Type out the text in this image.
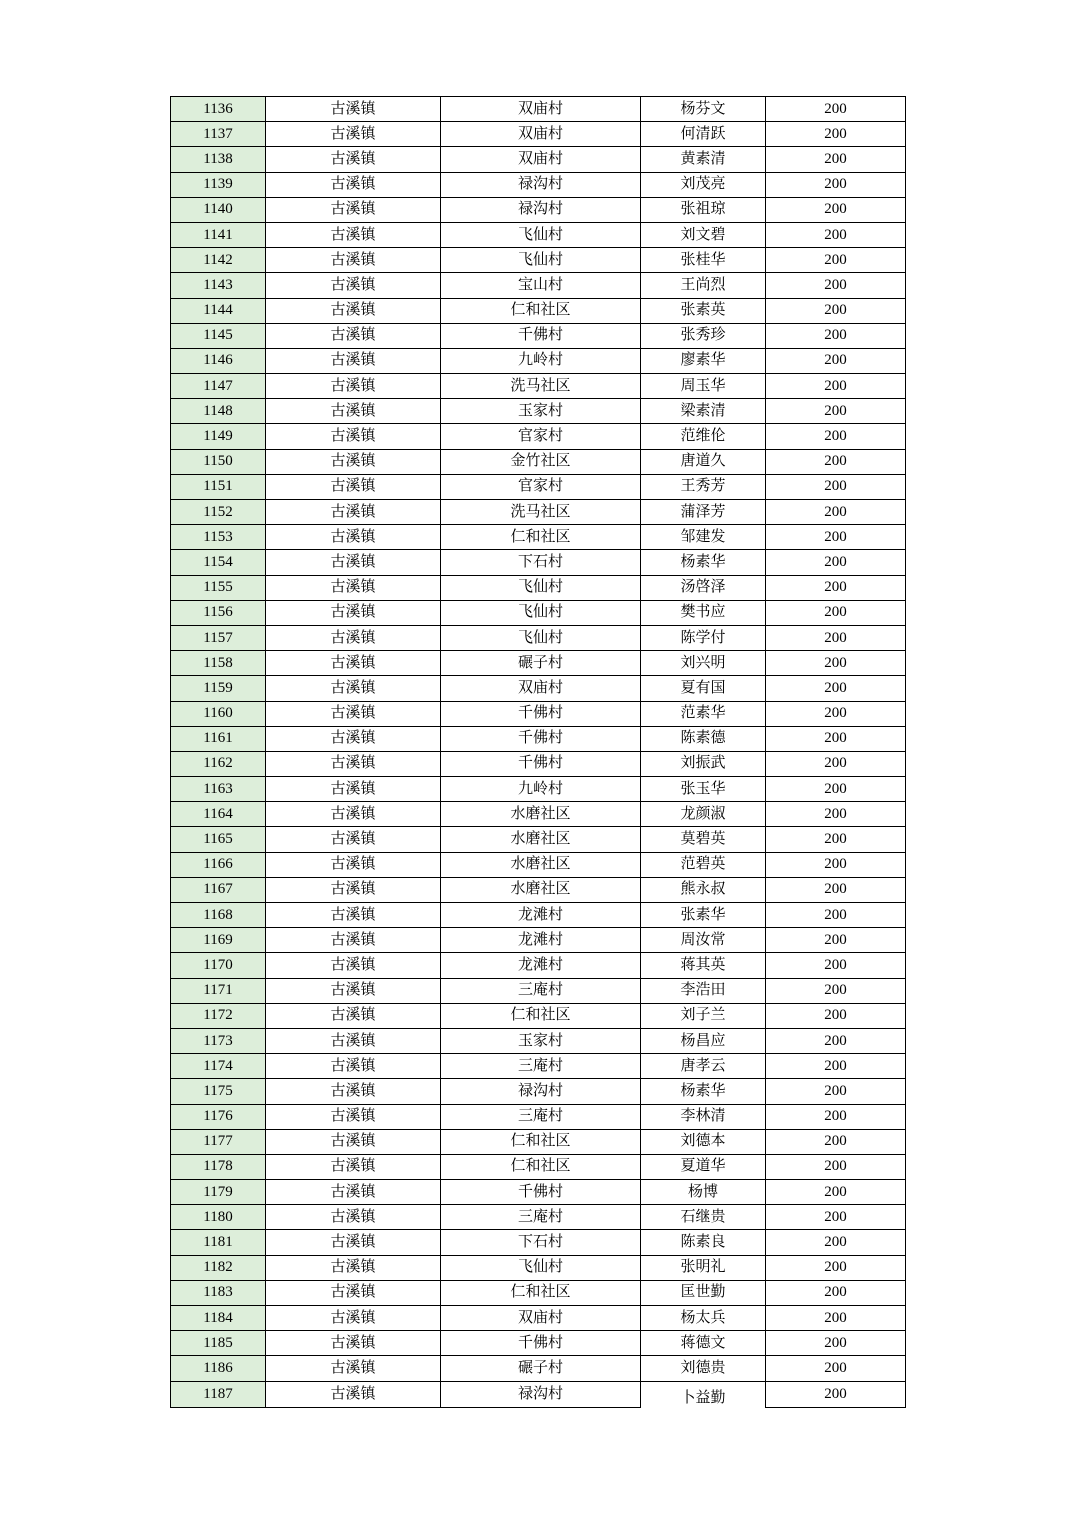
1136	古溪镇	双庙村	杨芬文	200
1137	古溪镇	双庙村	何清跃	200
1138	古溪镇	双庙村	黄素清	200
1139	古溪镇	禄沟村	刘茂亮	200
1140	古溪镇	禄沟村	张祖琼	200
1141	古溪镇	飞仙村	刘文碧	200
1142	古溪镇	飞仙村	张桂华	200
1143	古溪镇	宝山村	王尚烈	200
1144	古溪镇	仁和社区	张素英	200
1145	古溪镇	千佛村	张秀珍	200
1146	古溪镇	九岭村	廖素华	200
1147	古溪镇	洗马社区	周玉华	200
1148	古溪镇	玉家村	梁素清	200
1149	古溪镇	官家村	范维伦	200
1150	古溪镇	金竹社区	唐道久	200
1151	古溪镇	官家村	王秀芳	200
1152	古溪镇	洗马社区	蒲泽芳	200
1153	古溪镇	仁和社区	邹建发	200
1154	古溪镇	下石村	杨素华	200
1155	古溪镇	飞仙村	汤啓泽	200
1156	古溪镇	飞仙村	樊书应	200
1157	古溪镇	飞仙村	陈学付	200
1158	古溪镇	碾子村	刘兴明	200
1159	古溪镇	双庙村	夏有国	200
1160	古溪镇	千佛村	范素华	200
1161	古溪镇	千佛村	陈素德	200
1162	古溪镇	千佛村	刘振武	200
1163	古溪镇	九岭村	张玉华	200
1164	古溪镇	水磨社区	龙颜淑	200
1165	古溪镇	水磨社区	莫碧英	200
1166	古溪镇	水磨社区	范碧英	200
1167	古溪镇	水磨社区	熊永叔	200
1168	古溪镇	龙滩村	张素华	200
1169	古溪镇	龙滩村	周汝常	200
1170	古溪镇	龙滩村	蒋其英	200
1171	古溪镇	三庵村	李浩田	200
1172	古溪镇	仁和社区	刘子兰	200
1173	古溪镇	玉家村	杨昌应	200
1174	古溪镇	三庵村	唐孝云	200
1175	古溪镇	禄沟村	杨素华	200
1176	古溪镇	三庵村	李林清	200
1177	古溪镇	仁和社区	刘德本	200
1178	古溪镇	仁和社区	夏道华	200
1179	古溪镇	千佛村	杨博	200
1180	古溪镇	三庵村	石继贵	200
1181	古溪镇	下石村	陈素良	200
1182	古溪镇	飞仙村	张明礼	200
1183	古溪镇	仁和社区	匡世勤	200
1184	古溪镇	双庙村	杨太兵	200
1185	古溪镇	千佛村	蒋德文	200
1186	古溪镇	碾子村	刘德贵	200
1187	古溪镇	禄沟村	卜益勤	200
